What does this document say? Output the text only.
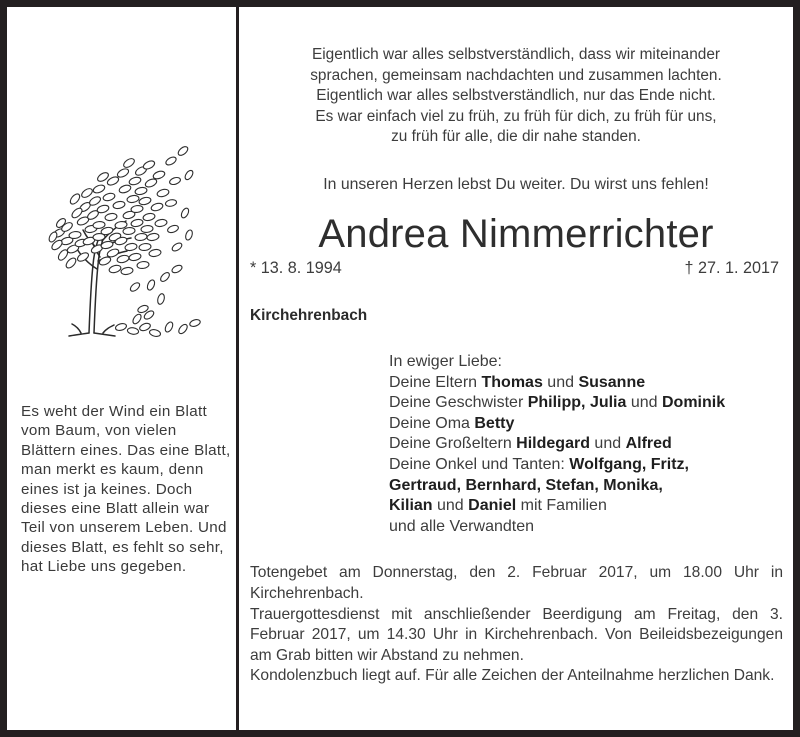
Es weht der Wind ein Blatt vom Baum, von vielen Blättern eines. Das eine Blatt, man merkt es kaum, denn eines ist ja keines. Doch dieses eine Blatt allein war Teil von unserem Leben. Und dieses Blatt, es fehlt so sehr, hat Liebe uns gegeben.
Eigentlich war alles selbstverständlich, dass wir miteinander
sprachen, gemeinsam nachdachten und zusammen lachten.
Eigentlich war alles selbstverständlich, nur das Ende nicht.
Es war einfach viel zu früh, zu früh für dich, zu früh für uns,
zu früh für alle, die dir nahe standen.
In unseren Herzen lebst Du weiter. Du wirst uns fehlen!
Andrea Nimmerrichter
* 13. 8. 1994	† 27. 1. 2017
Kirchehrenbach
In ewiger Liebe:
Deine Eltern Thomas und Susanne
Deine Geschwister Philipp, Julia und Dominik
Deine Oma Betty
Deine Großeltern Hildegard und Alfred
Deine Onkel und Tanten: Wolfgang, Fritz,
Gertraud, Bernhard, Stefan, Monika,
Kilian und Daniel mit Familien
und alle Verwandten
Totengebet am Donnerstag, den 2. Februar 2017, um 18.00 Uhr in Kirchehrenbach.
Trauergottesdienst mit anschließender Beerdigung am Freitag, den 3. Februar 2017, um 14.30 Uhr in Kirchehrenbach. Von Beileidsbezeigungen am Grab bitten wir Abstand zu nehmen.
Kondolenzbuch liegt auf. Für alle Zeichen der Anteilnahme herzlichen Dank.
